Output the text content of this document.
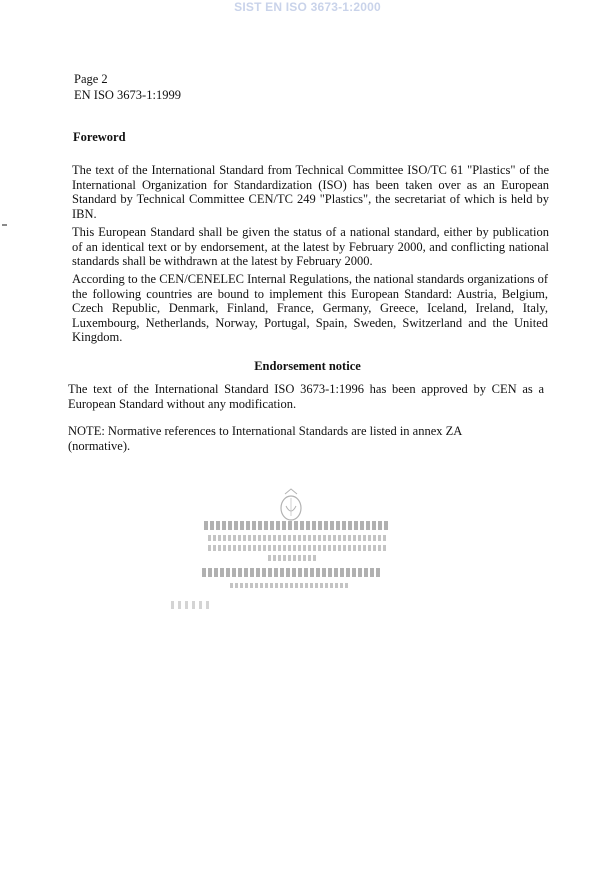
SIST EN ISO 3673-1:2000
Page 2
EN ISO 3673-1:1999
Foreword
The text of the International Standard from Technical Committee ISO/TC 61 "Plastics" of the International Organization for Standardization (ISO) has been taken over as an European Standard by Technical Committee CEN/TC 249 "Plastics", the secretariat of which is held by IBN.
This European Standard shall be given the status of a national standard, either by publication of an identical text or by endorsement, at the latest by February 2000, and conflicting national standards shall be withdrawn at the latest by February 2000.
According to the CEN/CENELEC Internal Regulations, the national standards organizations of the following countries are bound to implement this European Standard: Austria, Belgium, Czech Republic, Denmark, Finland, France, Germany, Greece, Iceland, Ireland, Italy, Luxembourg, Netherlands, Norway, Portugal, Spain, Sweden, Switzerland and the United Kingdom.
Endorsement notice
The text of the International Standard ISO 3673-1:1996 has been approved by CEN as a European Standard without any modification.
NOTE: Normative references to International Standards are listed in annex ZA (normative).
